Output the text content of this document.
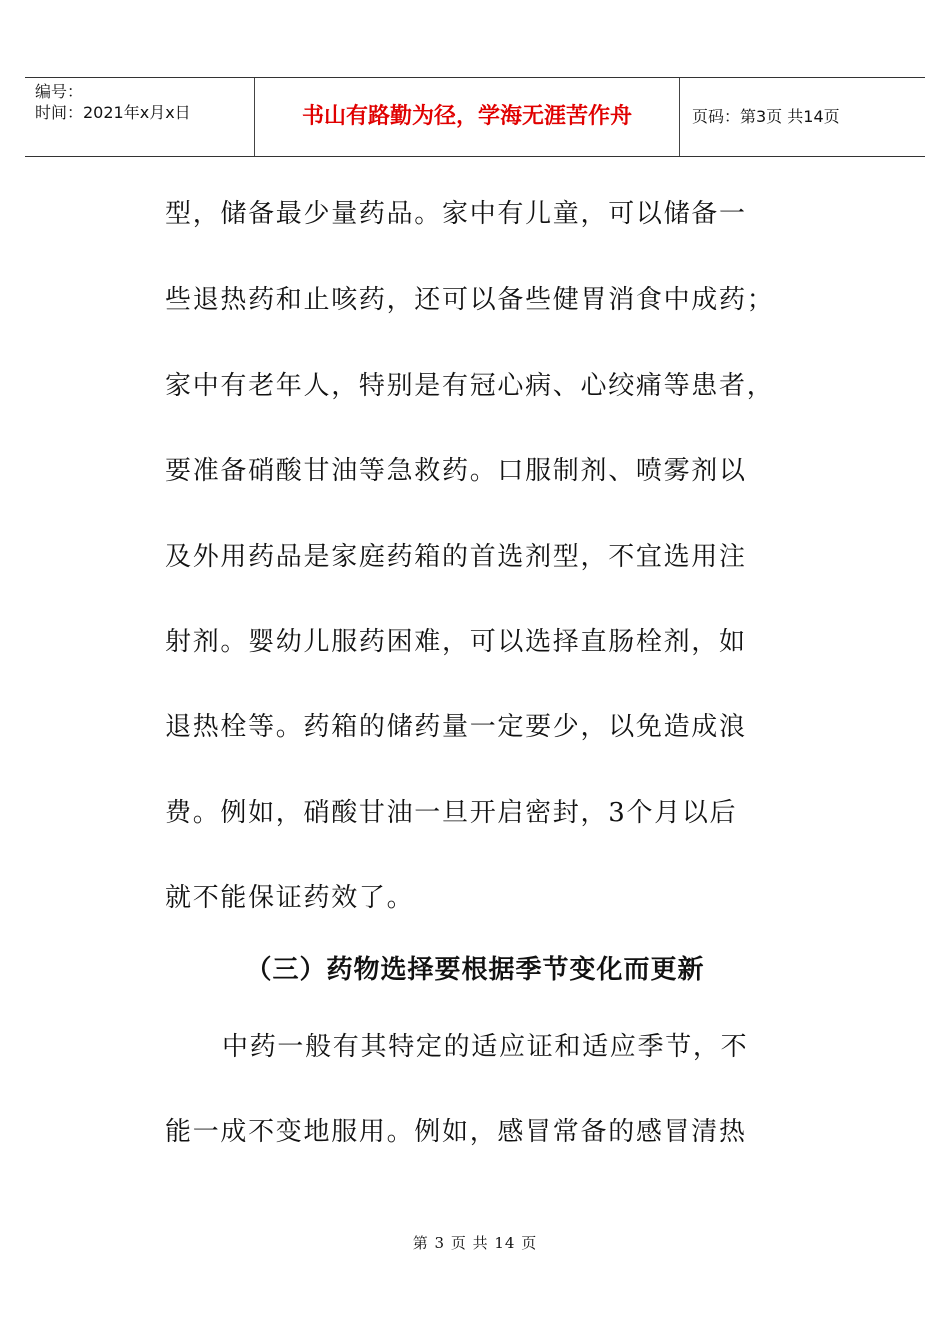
编号：
时间：2021年x月x日	书山有路勤为径，学海无涯苦作舟	页码：第3页 共14页
型，储备最少量药品。家中有儿童，可以储备一
些退热药和止咳药，还可以备些健胃消食中成药；
家中有老年人，特别是有冠心病、心绞痛等患者，
要准备硝酸甘油等急救药。口服制剂、喷雾剂以
及外用药品是家庭药箱的首选剂型，不宜选用注
射剂。婴幼儿服药困难，可以选择直肠栓剂，如
退热栓等。药箱的储药量一定要少，以免造成浪
费。例如，硝酸甘油一旦开启密封，3个月以后
就不能保证药效了。
（三）药物选择要根据季节变化而更新
中药一般有其特定的适应证和适应季节，不
能一成不变地服用。例如，感冒常备的感冒清热
第 3 页 共 14 页
